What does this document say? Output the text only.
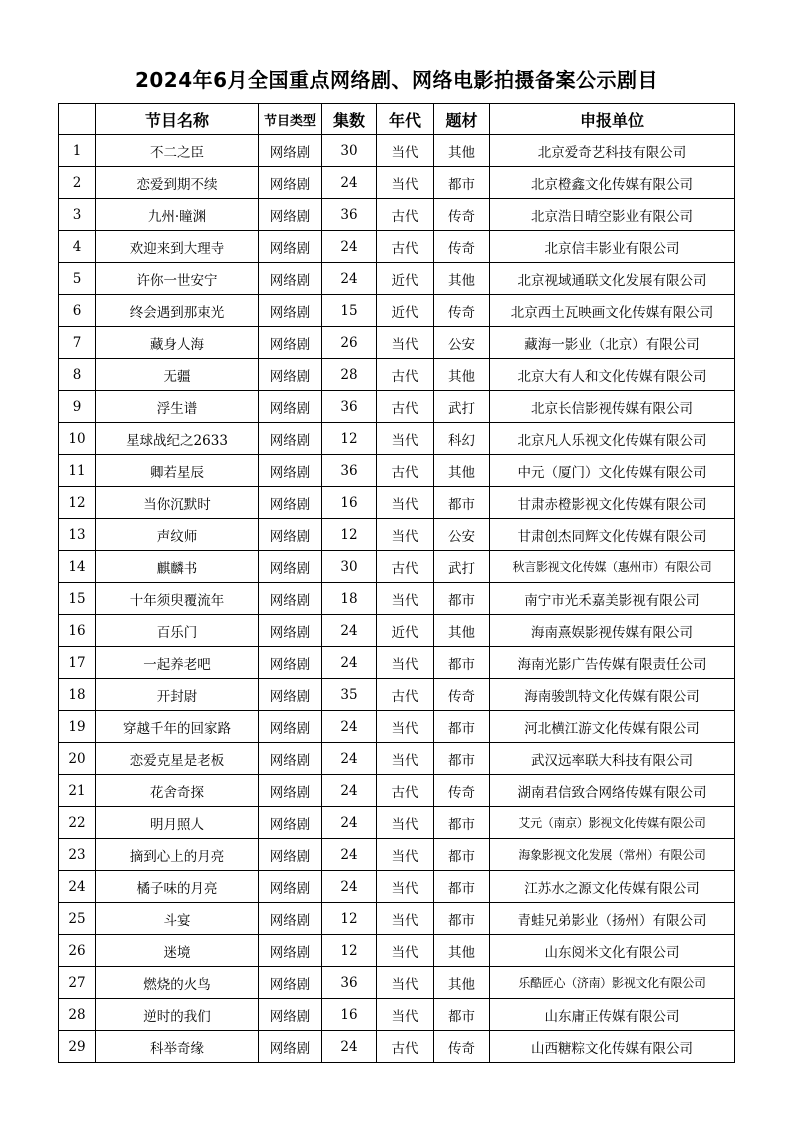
2024年6月全国重点网络剧、网络电影拍摄备案公示剧目
	节目名称	节目类型	集数	年代	题材	申报单位
1	不二之臣	网络剧	30	当代	其他	北京爱奇艺科技有限公司
2	恋爱到期不续	网络剧	24	当代	都市	北京橙鑫文化传媒有限公司
3	九州·瞳渊	网络剧	36	古代	传奇	北京浩日晴空影业有限公司
4	欢迎来到大理寺	网络剧	24	古代	传奇	北京信丰影业有限公司
5	许你一世安宁	网络剧	24	近代	其他	北京视域通联文化发展有限公司
6	终会遇到那束光	网络剧	15	近代	传奇	北京西土瓦映画文化传媒有限公司
7	藏身人海	网络剧	26	当代	公安	藏海一影业（北京）有限公司
8	无疆	网络剧	28	古代	其他	北京大有人和文化传媒有限公司
9	浮生谱	网络剧	36	古代	武打	北京长信影视传媒有限公司
10	星球战纪之2633	网络剧	12	当代	科幻	北京凡人乐视文化传媒有限公司
11	卿若星辰	网络剧	36	古代	其他	中元（厦门）文化传媒有限公司
12	当你沉默时	网络剧	16	当代	都市	甘肃赤橙影视文化传媒有限公司
13	声纹师	网络剧	12	当代	公安	甘肃创杰同辉文化传媒有限公司
14	麒麟书	网络剧	30	古代	武打	秋言影视文化传媒（惠州市）有限公司
15	十年须臾覆流年	网络剧	18	当代	都市	南宁市光禾嘉美影视有限公司
16	百乐门	网络剧	24	近代	其他	海南熹娱影视传媒有限公司
17	一起养老吧	网络剧	24	当代	都市	海南光影广告传媒有限责任公司
18	开封尉	网络剧	35	古代	传奇	海南骏凯特文化传媒有限公司
19	穿越千年的回家路	网络剧	24	当代	都市	河北横江游文化传媒有限公司
20	恋爱克星是老板	网络剧	24	当代	都市	武汉远率联大科技有限公司
21	花舍奇探	网络剧	24	古代	传奇	湖南君信致合网络传媒有限公司
22	明月照人	网络剧	24	当代	都市	艾元（南京）影视文化传媒有限公司
23	摘到心上的月亮	网络剧	24	当代	都市	海象影视文化发展（常州）有限公司
24	橘子味的月亮	网络剧	24	当代	都市	江苏水之源文化传媒有限公司
25	斗宴	网络剧	12	当代	都市	青蛙兄弟影业（扬州）有限公司
26	迷境	网络剧	12	当代	其他	山东阅米文化有限公司
27	燃烧的火鸟	网络剧	36	当代	其他	乐酷匠心（济南）影视文化有限公司
28	逆时的我们	网络剧	16	当代	都市	山东庸正传媒有限公司
29	科举奇缘	网络剧	24	古代	传奇	山西糖粽文化传媒有限公司
